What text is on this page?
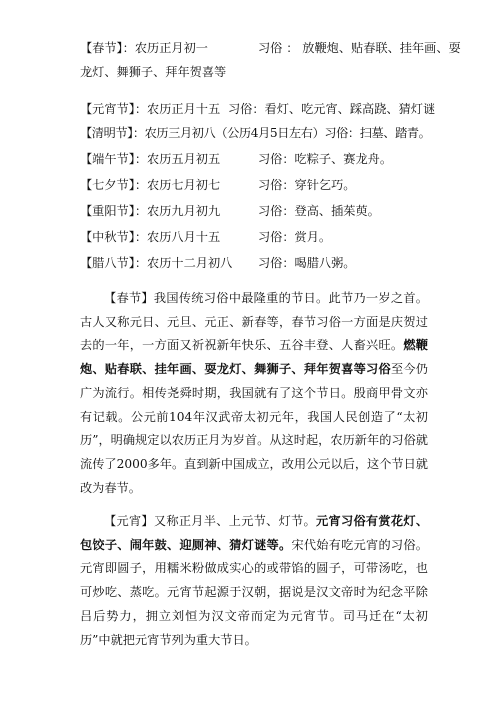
【春节】：农历正月初一	习俗 ： 放鞭炮、贴春联、挂年画、耍
龙灯、舞狮子、拜年贺喜等
【元宵节】：农历正月十五 习俗：看灯、吃元宵、踩高跷、猜灯谜
【清明节】：农历三月初八（公历4月5日左右）习俗：扫墓、踏青。
【端午节】：农历五月初五	习俗：吃粽子、赛龙舟。
【七夕节】：农历七月初七	习俗：穿针乞巧。
【重阳节】：农历九月初九	习俗：登高、插茱萸。
【中秋节】：农历八月十五	习俗：赏月。
【腊八节】：农历十二月初八 习俗：喝腊八粥。

【春节】我国传统习俗中最隆重的节日。此节乃一岁之首。古人又称元日、元旦、元正、新春等，春节习俗一方面是庆贺过去的一年，一方面又祈祝新年快乐、五谷丰登、人畜兴旺。燃鞭炮、贴春联、挂年画、耍龙灯、舞狮子、拜年贺喜等习俗至今仍广为流行。相传尧舜时期，我国就有了这个节日。殷商甲骨文亦有记载。公元前104年汉武帝太初元年，我国人民创造了“太初历”，明确规定以农历正月为岁首。从这时起，农历新年的习俗就流传了2000多年。直到新中国成立，改用公元以后，这个节日就改为春节。

【元宵】又称正月半、上元节、灯节。元宵习俗有赏花灯、包饺子、闹年鼓、迎厕神、猜灯谜等。宋代始有吃元宵的习俗。元宵即圆子，用糯米粉做成实心的或带馅的圆子，可带汤吃，也可炒吃、蒸吃。元宵节起源于汉朝，据说是汉文帝时为纪念平除吕后势力，拥立刘恒为汉文帝而定为元宵节。司马迁在“太初历”中就把元宵节列为重大节日。
